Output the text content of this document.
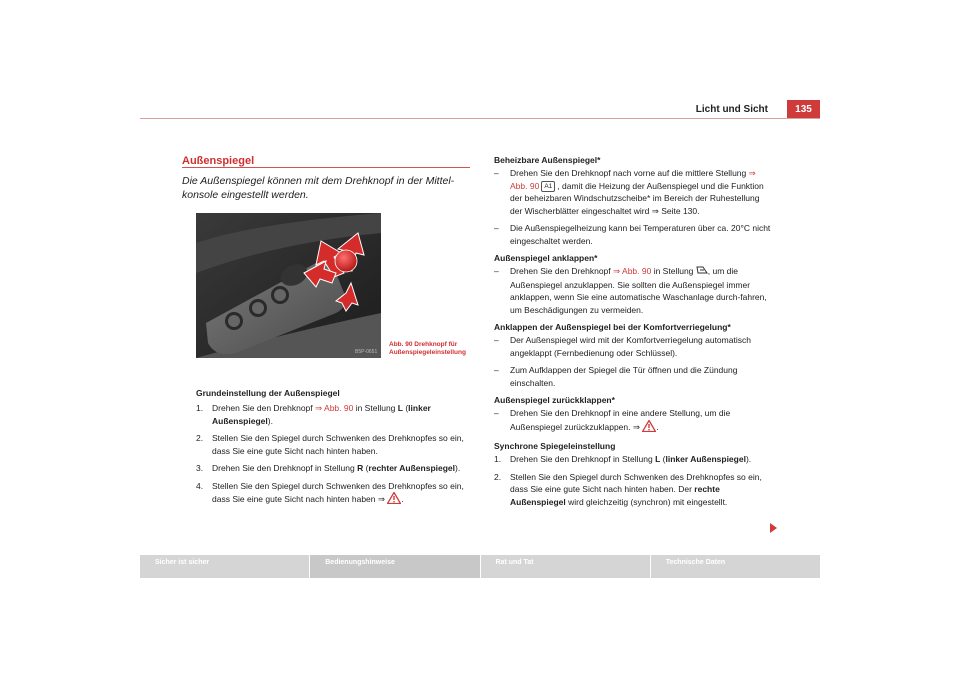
Licht und Sicht	135
Außenspiegel
Die Außenspiegel können mit dem Drehknopf in der Mittel-konsole eingestellt werden.
B5P-0651
Abb. 90 Drehknopf für
Außenspiegeleinstellung
Grundeinstellung der Außenspiegel
1.	Drehen Sie den Drehknopf ⇒ Abb. 90 in Stellung L (linker Außenspiegel).
2.	Stellen Sie den Spiegel durch Schwenken des Drehknopfes so ein, dass Sie eine gute Sicht nach hinten haben.
3.	Drehen Sie den Drehknopf in Stellung R (rechter Außenspiegel).
4.	Stellen Sie den Spiegel durch Schwenken des Drehknopfes so ein, dass Sie eine gute Sicht nach hinten haben ⇒ .
Beheizbare Außenspiegel*
–	Drehen Sie den Drehknopf nach vorne auf die mittlere Stellung ⇒ Abb. 90 A1 , damit die Heizung der Außenspiegel und die Funktion der beheizbaren Windschutzscheibe* im Bereich der Ruhestellung der Wischerblätter eingeschaltet wird ⇒ Seite 130.
–	Die Außenspiegelheizung kann bei Temperaturen über ca. 20°C nicht eingeschaltet werden.
Außenspiegel anklappen*
–	Drehen Sie den Drehknopf ⇒ Abb. 90 in Stellung , um die Außenspiegel anzuklappen. Sie sollten die Außenspiegel immer anklappen, wenn Sie eine automatische Waschanlage durch-fahren, um Beschädigungen zu vermeiden.
Anklappen der Außenspiegel bei der Komfortverriegelung*
–	Der Außenspiegel wird mit der Komfortverriegelung automatisch angeklappt (Fernbedienung oder Schlüssel).
–	Zum Aufklappen der Spiegel die Tür öffnen und die Zündung einschalten.
Außenspiegel zurückklappen*
–	Drehen Sie den Drehknopf in eine andere Stellung, um die Außenspiegel zurückzuklappen. ⇒ .
Synchrone Spiegeleinstellung
1.	Drehen Sie den Drehknopf in Stellung L (linker Außenspiegel).
2.	Stellen Sie den Spiegel durch Schwenken des Drehknopfes so ein, dass Sie eine gute Sicht nach hinten haben. Der rechte Außenspiegel wird gleichzeitig (synchron) mit eingestellt.
Sicher ist sicher	Bedienungshinweise	Rat und Tat	Technische Daten
